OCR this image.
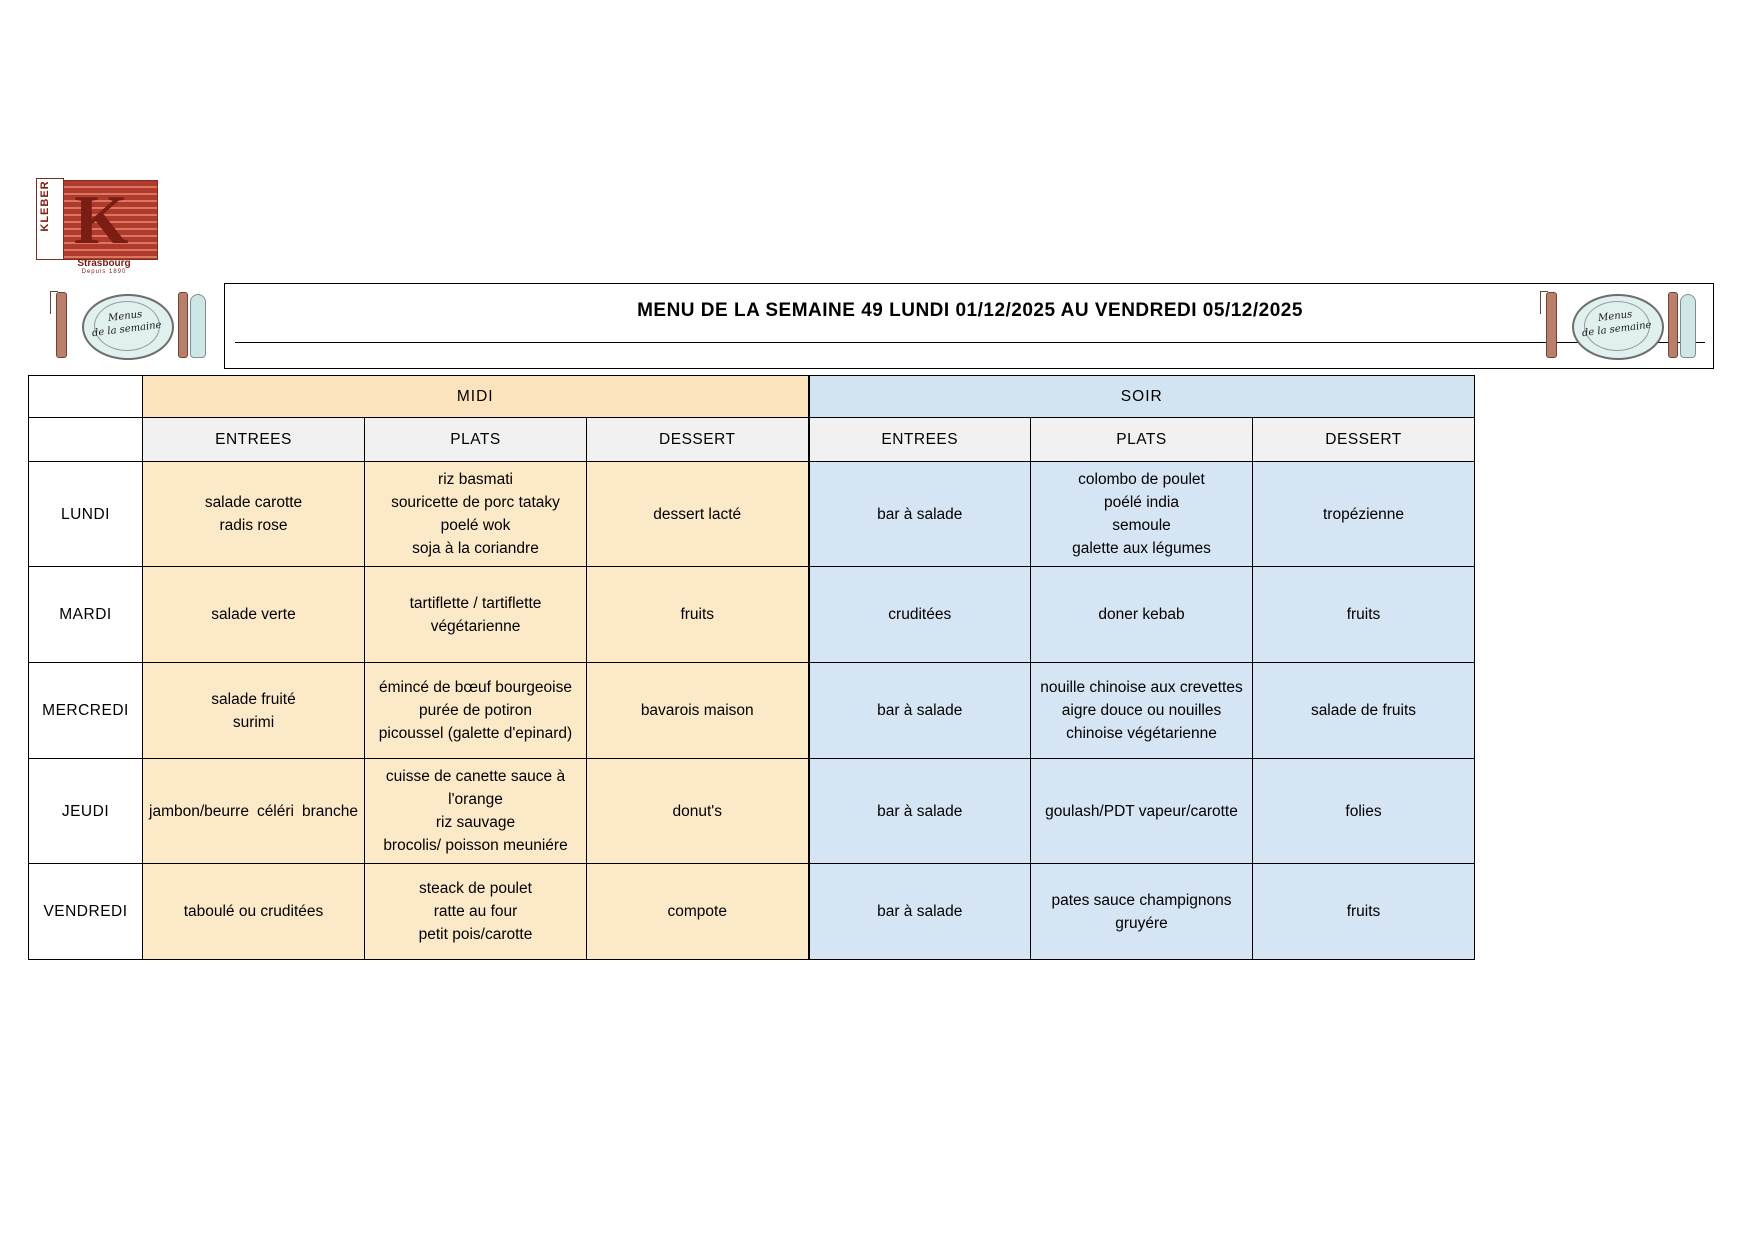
KLEBER K
Strasbourg
Depuis 1890
MENU DE LA SEMAINE 49 LUNDI 01/12/2025 AU VENDREDI 05/12/2025
Menus
de la semaine
Menus
de la semaine
	MIDI			SOIR		
	ENTREES	PLATS	DESSERT	ENTREES	PLATS	DESSERT
LUNDI	salade carotte
radis rose	riz basmati
souricette de porc tataky
poelé wok
soja à la coriandre	dessert lacté	bar à salade	colombo de poulet
poélé india
semoule
galette aux légumes	tropézienne
MARDI	salade verte	tartiflette / tartiflette
végétarienne	fruits	cruditées	doner kebab	fruits
MERCREDI	salade fruité
surimi	émincé de bœuf bourgeoise
purée de potiron
picoussel (galette d'epinard)	bavarois maison	bar à salade	nouille chinoise aux crevettes
aigre douce ou nouilles
chinoise végétarienne	salade de fruits
JEUDI	jambon/beurre céléri branche	cuisse de canette sauce à l'orange
riz sauvage
brocolis/ poisson meuniére	donut's	bar à salade	goulash/PDT vapeur/carotte	folies
VENDREDI	taboulé ou cruditées	steack de poulet
ratte au four
petit pois/carotte	compote	bar à salade	pates sauce champignons
gruyére	fruits
